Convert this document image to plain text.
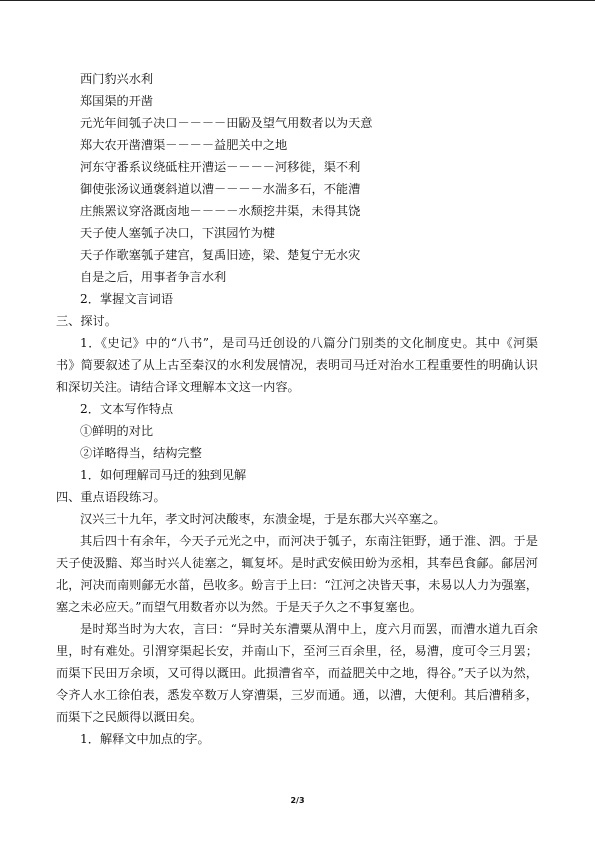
西门豹兴水利
郑国渠的开凿
元光年间瓠子决口－－－－田鼢及望气用数者以为天意
郑大农开凿漕渠－－－－益肥关中之地
河东守番系议绕砥柱开漕运－－－－河移徙，渠不利
御使张汤议通褒斜道以漕－－－－水湍多石，不能漕
庄熊罴议穿洛溉卤地－－－－水颓挖井渠，未得其饶
天子使人塞瓠子决口，下淇园竹为楗
天子作歌塞瓠子建宫，复禹旧迹，梁、楚复宁无水灾
自是之后，用事者争言水利
2．掌握文言词语
三、探讨。

1．《史记》中的“八书”，是司马迁创设的八篇分门别类的文化制度史。其中《河渠书》简要叙述了从上古至秦汉的水利发展情况，表明司马迁对治水工程重要性的明确认识和深切关注。请结合译文理解本文这一内容。

2．文本写作特点
①鲜明的对比
②详略得当，结构完整
1．如何理解司马迁的独到见解
四、重点语段练习。

汉兴三十九年，孝文时河决酸枣，东溃金堤，于是东郡大兴卒塞之。

其后四十有余年，今天子元光之中，而河决于瓠子，东南注钜野，通于淮、泗。于是天子使汲黯、郑当时兴人徒塞之，辄复坏。是时武安候田蚡为丞相，其奉邑食鄃。鄃居河北，河决而南则鄃无水菑，邑收多。蚡言于上曰：“江河之决皆天事，未易以人力为强塞，塞之未必应天。”而望气用数者亦以为然。于是天子久之不事复塞也。

是时郑当时为大农，言曰：“异时关东漕粟从渭中上，度六月而罢，而漕水道九百余里，时有难处。引渭穿渠起长安，并南山下，至河三百余里，径，易漕，度可令三月罢；而渠下民田万余顷，又可得以溉田。此损漕省卒，而益肥关中之地，得谷。”天子以为然，令齐人水工徐伯表，悉发卒数万人穿漕渠，三岁而通。通，以漕，大便利。其后漕稍多，而渠下之民颇得以溉田矣。

1．解释文中加点的字。
2/3
